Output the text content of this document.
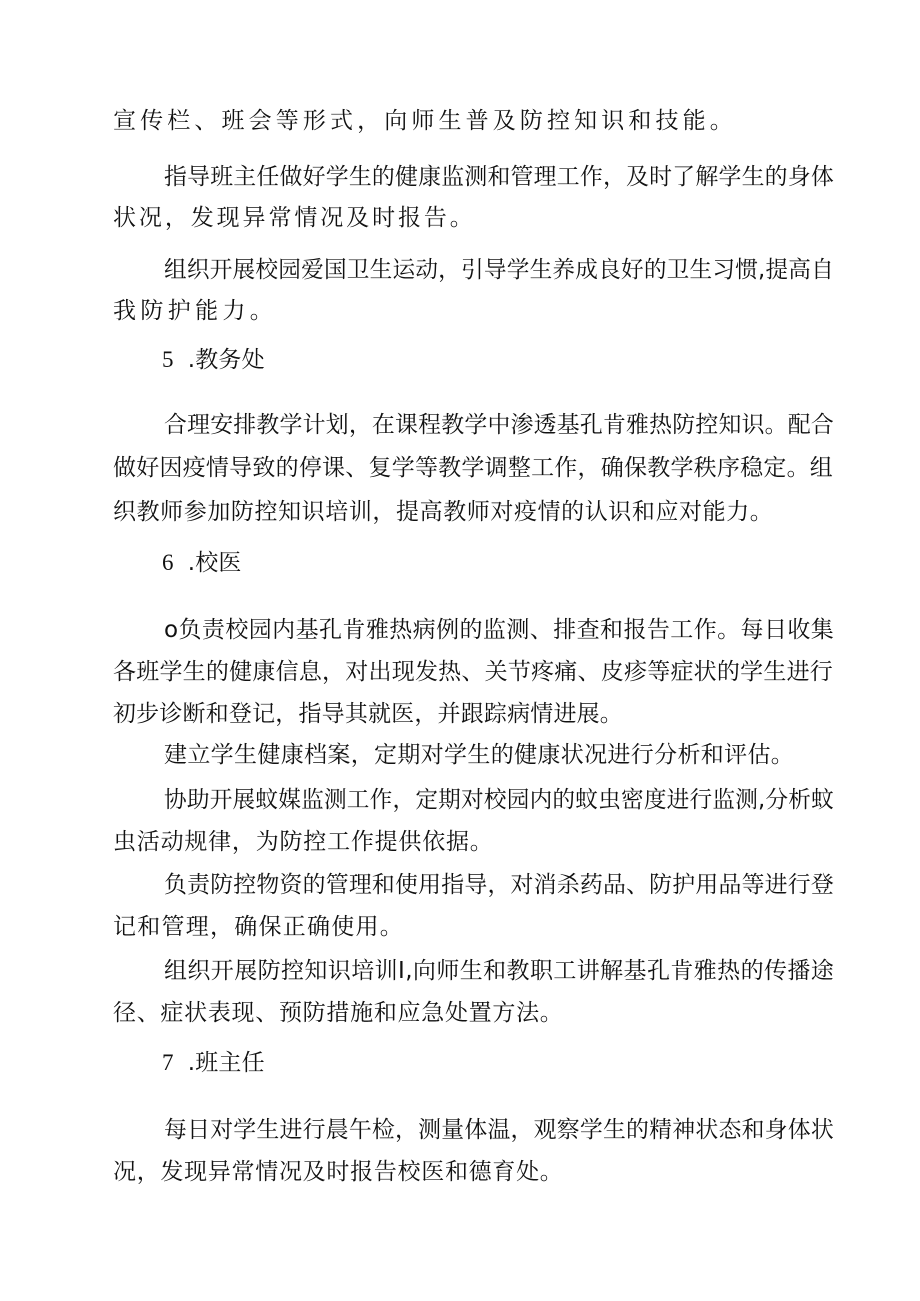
宣传栏、班会等形式，向师生普及防控知识和技能。
指导班主任做好学生的健康监测和管理工作，及时了解学生的身体
状况，发现异常情况及时报告。
组织开展校园爱国卫生运动，引导学生养成良好的卫生习惯,提高自
我防护能力。
5 .教务处
合理安排教学计划，在课程教学中渗透基孔肯雅热防控知识。配合
做好因疫情导致的停课、复学等教学调整工作，确保教学秩序稳定。组
织教师参加防控知识培训，提高教师对疫情的认识和应对能力。
6 .校医
o负责校园内基孔肯雅热病例的监测、排查和报告工作。每日收集
各班学生的健康信息，对出现发热、关节疼痛、皮疹等症状的学生进行
初步诊断和登记，指导其就医，并跟踪病情进展。
建立学生健康档案，定期对学生的健康状况进行分析和评估。
协助开展蚊媒监测工作，定期对校园内的蚊虫密度进行监测,分析蚊
虫活动规律，为防控工作提供依据。
负责防控物资的管理和使用指导，对消杀药品、防护用品等进行登
记和管理，确保正确使用。
组织开展防控知识培训I,向师生和教职工讲解基孔肯雅热的传播途
径、症状表现、预防措施和应急处置方法。
7 .班主任
每日对学生进行晨午检，测量体温，观察学生的精神状态和身体状
况，发现异常情况及时报告校医和德育处。
